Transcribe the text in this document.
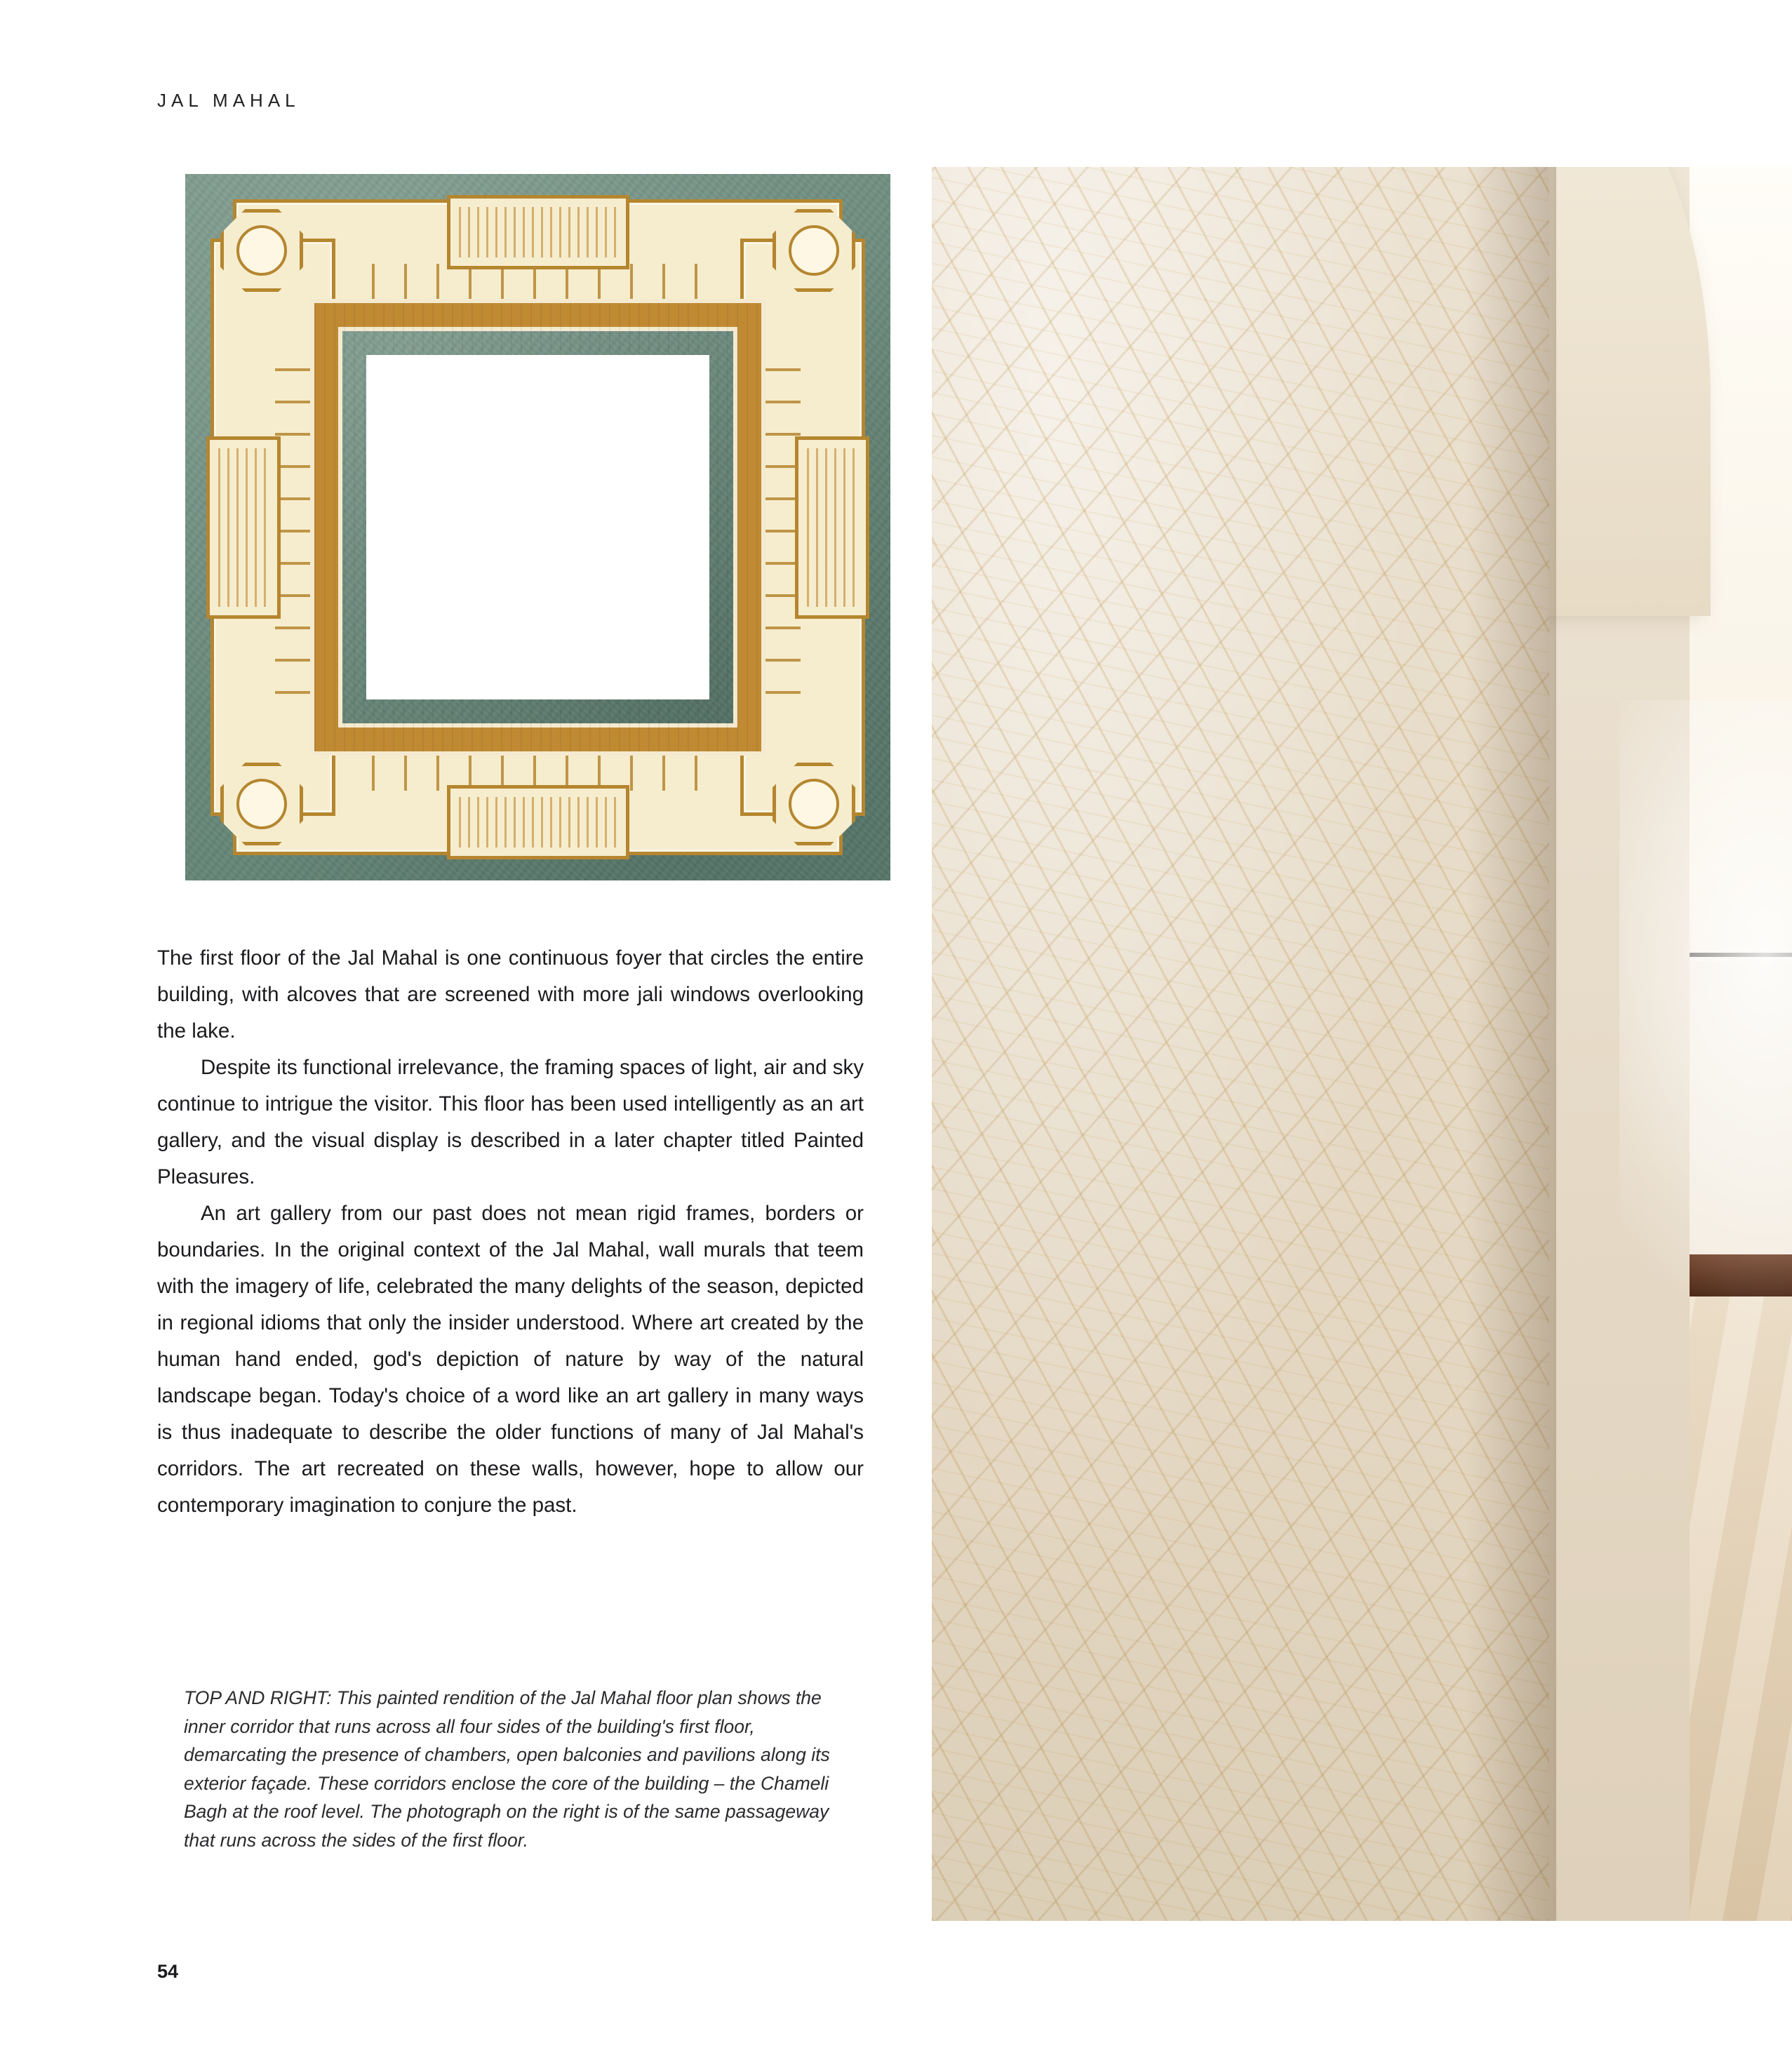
JAL MAHAL

The first floor of the Jal Mahal is one continuous foyer that circles the entire building, with alcoves that are screened with more jali windows overlooking the lake.

Despite its functional irrelevance, the framing spaces of light, air and sky continue to intrigue the visitor. This floor has been used intelligently as an art gallery, and the visual display is described in a later chapter titled Painted Pleasures.

An art gallery from our past does not mean rigid frames, borders or boundaries. In the original context of the Jal Mahal, wall murals that teem with the imagery of life, celebrated the many delights of the season, depicted in regional idioms that only the insider understood. Where art created by the human hand ended, god's depiction of nature by way of the natural landscape began. Today's choice of a word like an art gallery in many ways is thus inadequate to describe the older functions of many of Jal Mahal's corridors. The art recreated on these walls, however, hope to allow our contemporary imagination to conjure the past.

TOP AND RIGHT: This painted rendition of the Jal Mahal floor plan shows the inner corridor that runs across all four sides of the building's first floor, demarcating the presence of chambers, open balconies and pavilions along its exterior façade. These corridors enclose the core of the building – the Chameli Bagh at the roof level. The photograph on the right is of the same passageway that runs across the sides of the first floor.
54
